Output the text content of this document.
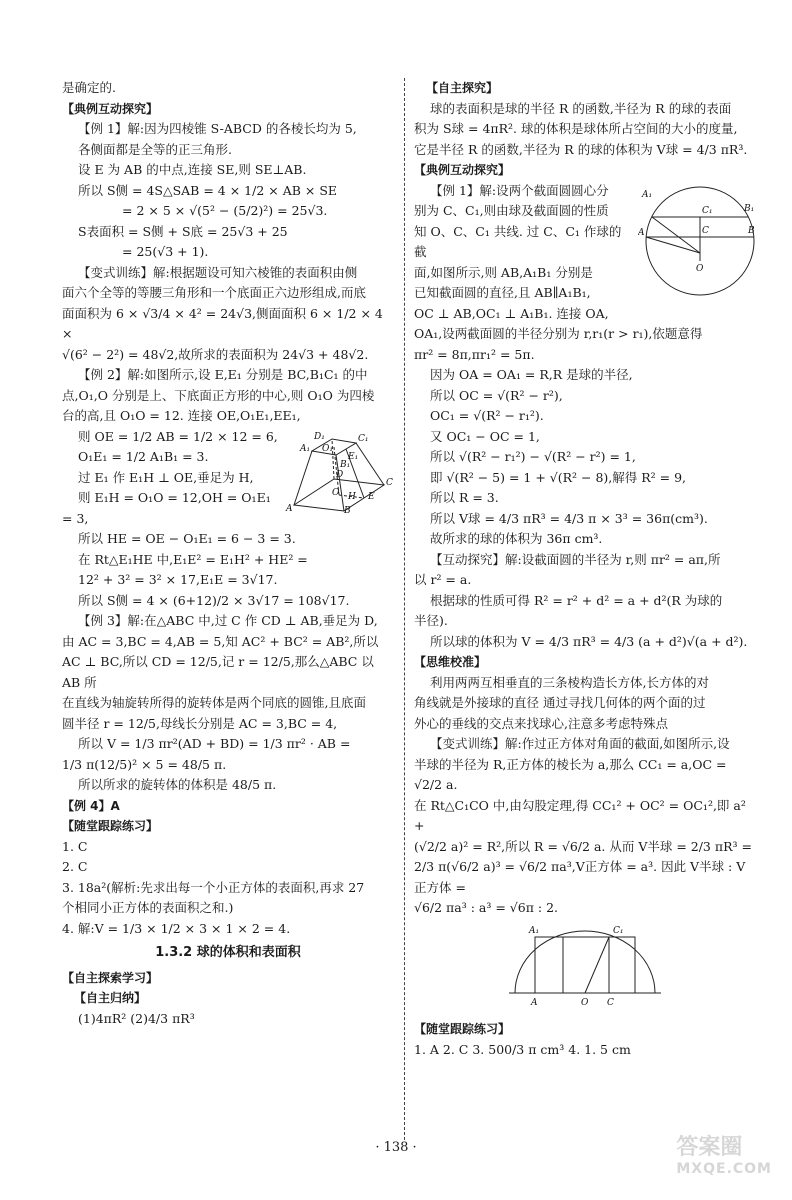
是确定的.

【典例互动探究】

【例 1】解:因为四棱锥 S-ABCD 的各棱长均为 5,

各侧面都是全等的正三角形.

设 E 为 AB 的中点,连接 SE,则 SE⊥AB.

所以 S侧 = 4S△SAB = 4 × 1/2 × AB × SE

= 2 × 5 × √(5² − (5/2)²) = 25√3.

S表面积 = S侧 + S底 = 25√3 + 25

= 25(√3 + 1).

【变式训练】解:根据题设可知六棱锥的表面积由侧

面六个全等的等腰三角形和一个底面正六边形组成,而底

面面积为 6 × √3/4 × 4² = 24√3,侧面面积 6 × 1/2 × 4 ×

√(6² − 2²) = 48√2,故所求的表面积为 24√3 + 48√2.

【例 2】解:如图所示,设 E,E₁ 分别是 BC,B₁C₁ 的中

点,O₁,O 分别是上、下底面正方形的中心,则 O₁O 为四棱

台的高,且 O₁O = 12. 连接 OE,O₁E₁,EE₁,

D₁	C₁
A₁ O₁
E₁
B₁
D
O H E
C
A	B

则 OE = 1/2 AB = 1/2 × 12 = 6,

O₁E₁ = 1/2 A₁B₁ = 3.

过 E₁ 作 E₁H ⊥ OE,垂足为 H,

则 E₁H = O₁O = 12,OH = O₁E₁ = 3,

所以 HE = OE − O₁E₁ = 6 − 3 = 3.

在 Rt△E₁HE 中,E₁E² = E₁H² + HE² =

12² + 3² = 3² × 17,E₁E = 3√17.

所以 S侧 = 4 × (6+12)/2 × 3√17 = 108√17.

【例 3】解:在△ABC 中,过 C 作 CD ⊥ AB,垂足为 D,

由 AC = 3,BC = 4,AB = 5,知 AC² + BC² = AB²,所以

AC ⊥ BC,所以 CD = 12/5,记 r = 12/5,那么△ABC 以 AB 所

在直线为轴旋转所得的旋转体是两个同底的圆锥,且底面

圆半径 r = 12/5,母线长分别是 AC = 3,BC = 4,

所以 V = 1/3 πr²(AD + BD) = 1/3 πr² · AB =

1/3 π(12/5)² × 5 = 48/5 π.

所以所求的旋转体的体积是 48/5 π.

【例 4】A

【随堂跟踪练习】

1. C

2. C

3. 18a²(解析:先求出每一个小正方体的表面积,再求 27

个相同小正方体的表面积之和.)

4. 解:V = 1/3 × 1/2 × 3 × 1 × 2 = 4.

1.3.2 球的体积和表面积

【自主探索学习】

【自主归纳】

(1)4πR² (2)4/3 πR³

【自主探究】

球的表面积是球的半径 R 的函数,半径为 R 的球的表面

积为 S球 = 4πR². 球的体积是球体所占空间的大小的度量,

它是半径 R 的函数,半径为 R 的球的体积为 V球 = 4/3 πR³.

【典例互动探究】

A₁
B₁
C₁
A	C	B
O

【例 1】解:设两个截面圆圆心分

别为 C、C₁,则由球及截面圆的性质

知 O、C、C₁ 共线. 过 C、C₁ 作球的截

面,如图所示,则 AB,A₁B₁ 分别是

已知截面圆的直径,且 AB∥A₁B₁,

OC ⊥ AB,OC₁ ⊥ A₁B₁. 连接 OA,

OA₁,设两截面圆的半径分别为 r,r₁(r > r₁),依题意得

πr² = 8π,πr₁² = 5π.

因为 OA = OA₁ = R,R 是球的半径,

所以 OC = √(R² − r²),

OC₁ = √(R² − r₁²).

又 OC₁ − OC = 1,

所以 √(R² − r₁²) − √(R² − r²) = 1,

即 √(R² − 5) = 1 + √(R² − 8),解得 R² = 9,

所以 R = 3.

所以 V球 = 4/3 πR³ = 4/3 π × 3³ = 36π(cm³).

故所求的球的体积为 36π cm³.

【互动探究】解:设截面圆的半径为 r,则 πr² = aπ,所

以 r² = a.

根据球的性质可得 R² = r² + d² = a + d²(R 为球的

半径).

所以球的体积为 V = 4/3 πR³ = 4/3 (a + d²)√(a + d²).

【思维校准】

利用两两互相垂直的三条棱构造长方体,长方体的对

角线就是外接球的直径 通过寻找几何体的两个面的过

外心的垂线的交点来找球心,注意多考虑特殊点

【变式训练】解:作过正方体对角面的截面,如图所示,设

半球的半径为 R,正方体的棱长为 a,那么 CC₁ = a,OC = √2/2 a.

在 Rt△C₁CO 中,由勾股定理,得 CC₁² + OC² = OC₁²,即 a² +

(√2/2 a)² = R²,所以 R = √6/2 a. 从而 V半球 = 2/3 πR³ =

2/3 π(√6/2 a)³ = √6/2 πa³,V正方体 = a³. 因此 V半球 : V正方体 =

√6/2 πa³ : a³ = √6π : 2.

A₁	C₁
A	O C

【随堂跟踪练习】

1. A 2. C 3. 500/3 π cm³ 4. 1. 5 cm

· 138 ·	答案圈
MXQE.COM
